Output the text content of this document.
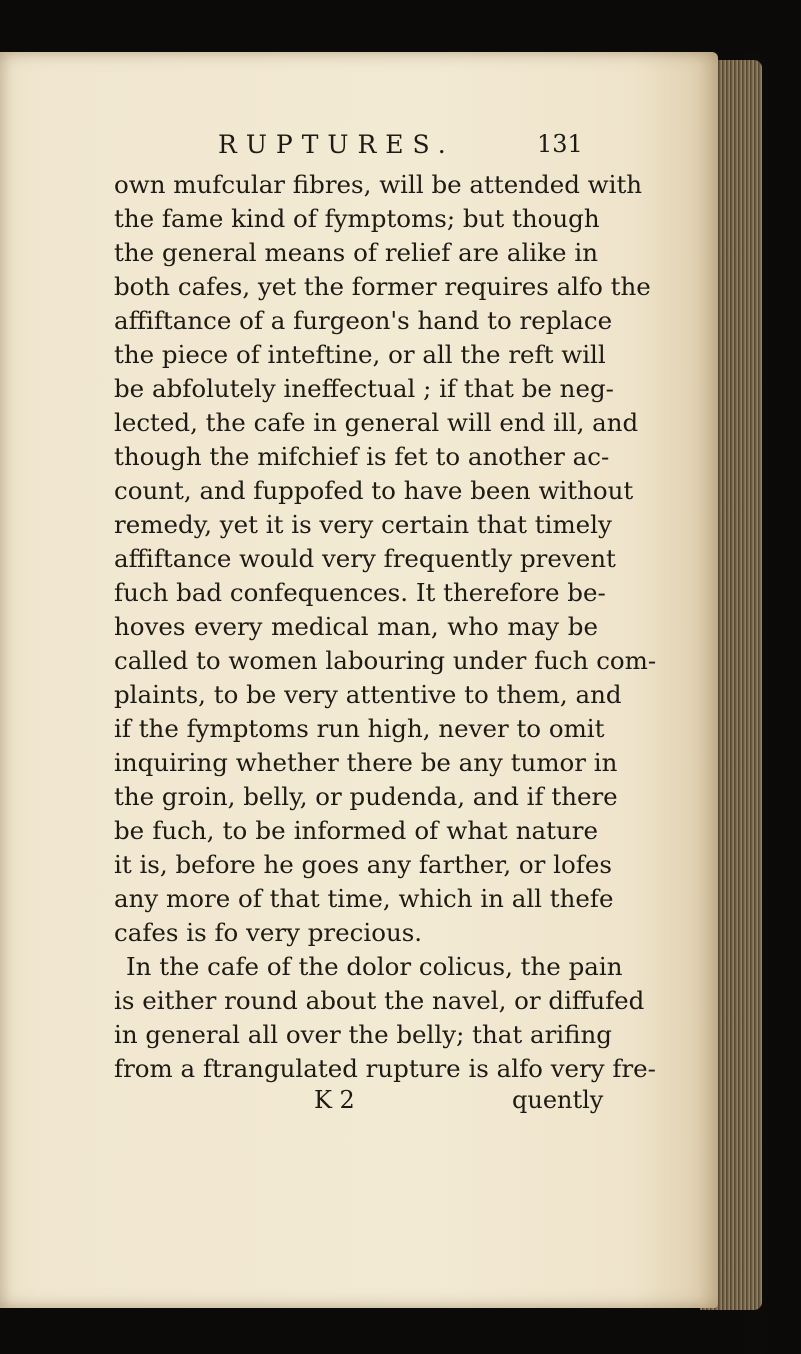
RUPTURES.	131

own mufcular fibres, will be attended with

the fame kind of fymptoms; but though

the general means of relief are alike in

both cafes, yet the former requires alfo the

affiftance of a furgeon's hand to replace

the piece of inteftine, or all the reft will

be abfolutely ineffectual ; if that be neg-

lected, the cafe in general will end ill, and

though the mifchief is fet to another ac-

count, and fuppofed to have been without

remedy, yet it is very certain that timely

affiftance would very frequently prevent

fuch bad confequences. It therefore be-

hoves every medical man, who may be

called to women labouring under fuch com-

plaints, to be very attentive to them, and

if the fymptoms run high, never to omit

inquiring whether there be any tumor in

the groin, belly, or pudenda, and if there

be fuch, to be informed of what nature

it is, before he goes any farther, or lofes

any more of that time, which in all thefe

cafes is fo very precious.

In the cafe of the dolor colicus, the pain

is either round about the navel, or diffufed

in general all over the belly; that arifing

from a ftrangulated rupture is alfo very fre-

K 2	quently
